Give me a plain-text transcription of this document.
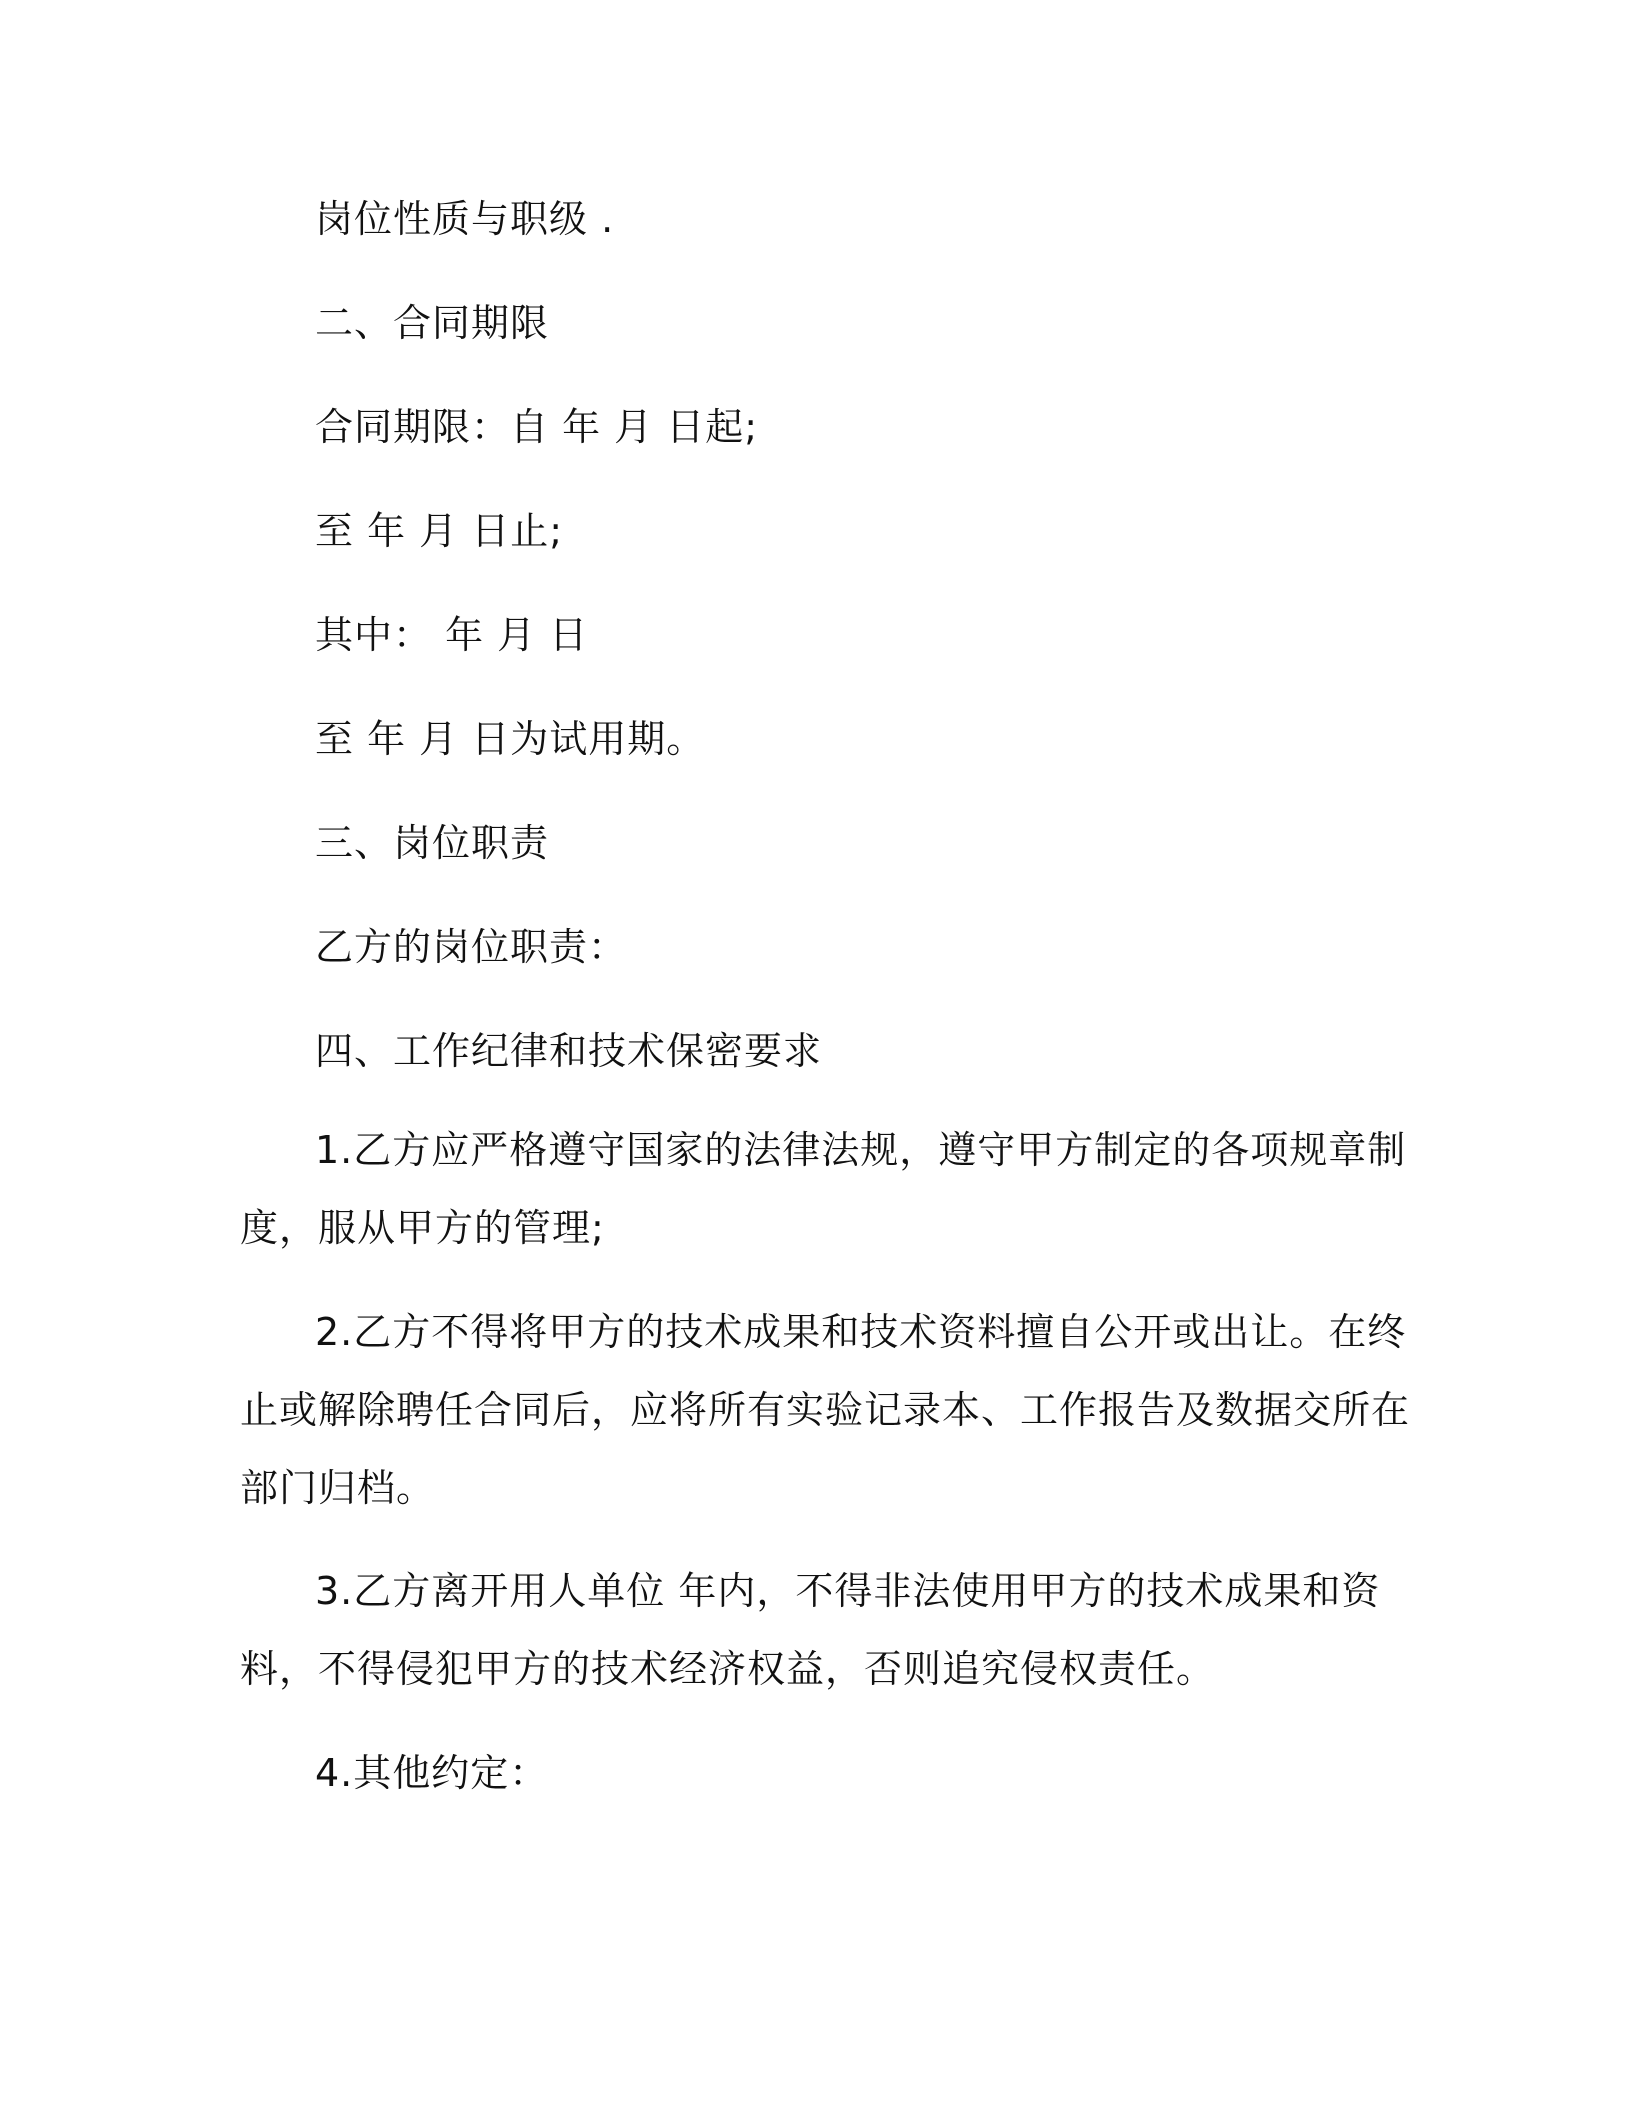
岗位性质与职级 .
二、合同期限
合同期限：自 年 月 日起;
至 年 月 日止;
其中： 年 月 日
至 年 月 日为试用期。
三、岗位职责
乙方的岗位职责：
四、工作纪律和技术保密要求
1.乙方应严格遵守国家的法律法规，遵守甲方制定的各项规章制度，服从甲方的管理;
2.乙方不得将甲方的技术成果和技术资料擅自公开或出让。在终止或解除聘任合同后，应将所有实验记录本、工作报告及数据交所在部门归档。
3.乙方离开用人单位 年内，不得非法使用甲方的技术成果和资料，不得侵犯甲方的技术经济权益，否则追究侵权责任。
4.其他约定：
